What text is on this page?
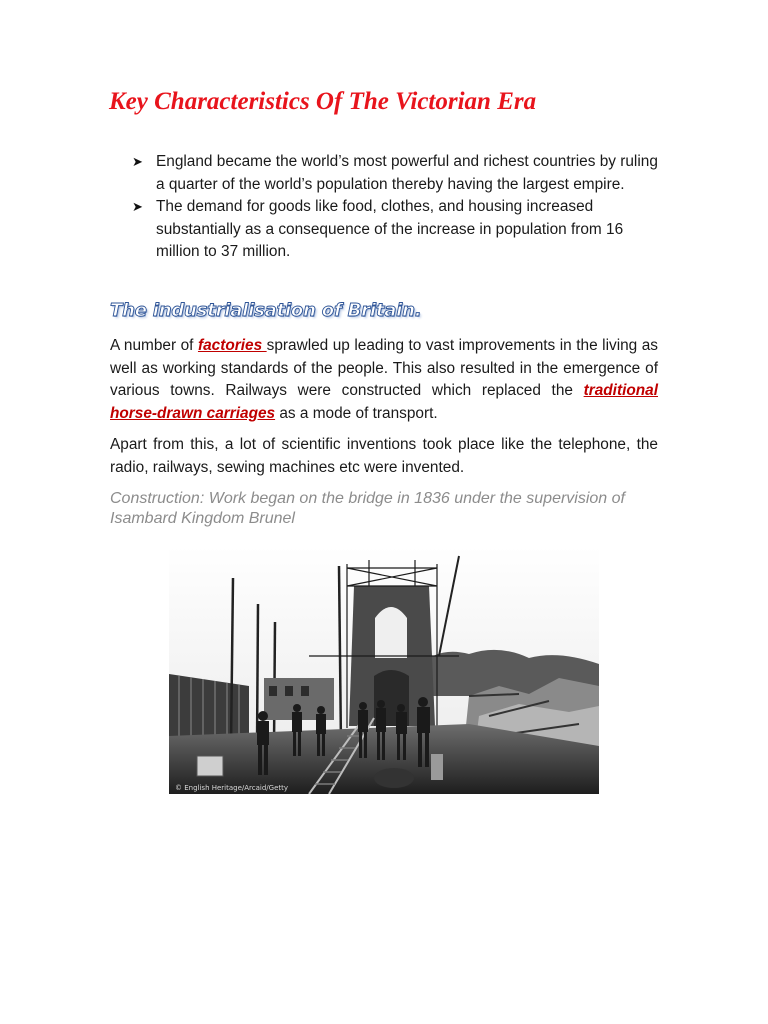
Key Characteristics Of The Victorian Era
➤ England became the world’s most powerful and richest countries by ruling a quarter of the world’s population thereby having the largest empire.
➤ The demand for goods like food, clothes, and housing increased substantially as a consequence of the increase in population from 16 million to 37 million.
The industrialisation of Britain.

A number of factories sprawled up leading to vast improvements in the living as well as working standards of the people. This also resulted in the emergence of various towns. Railways were constructed which replaced the traditional horse-drawn carriages as a mode of transport.

Apart from this, a lot of scientific inventions took place like the telephone, the radio, railways, sewing machines etc were invented.

Construction: Work began on the bridge in 1836 under the supervision of Isambard Kingdom Brunel

© English Heritage/Arcaid/Getty
